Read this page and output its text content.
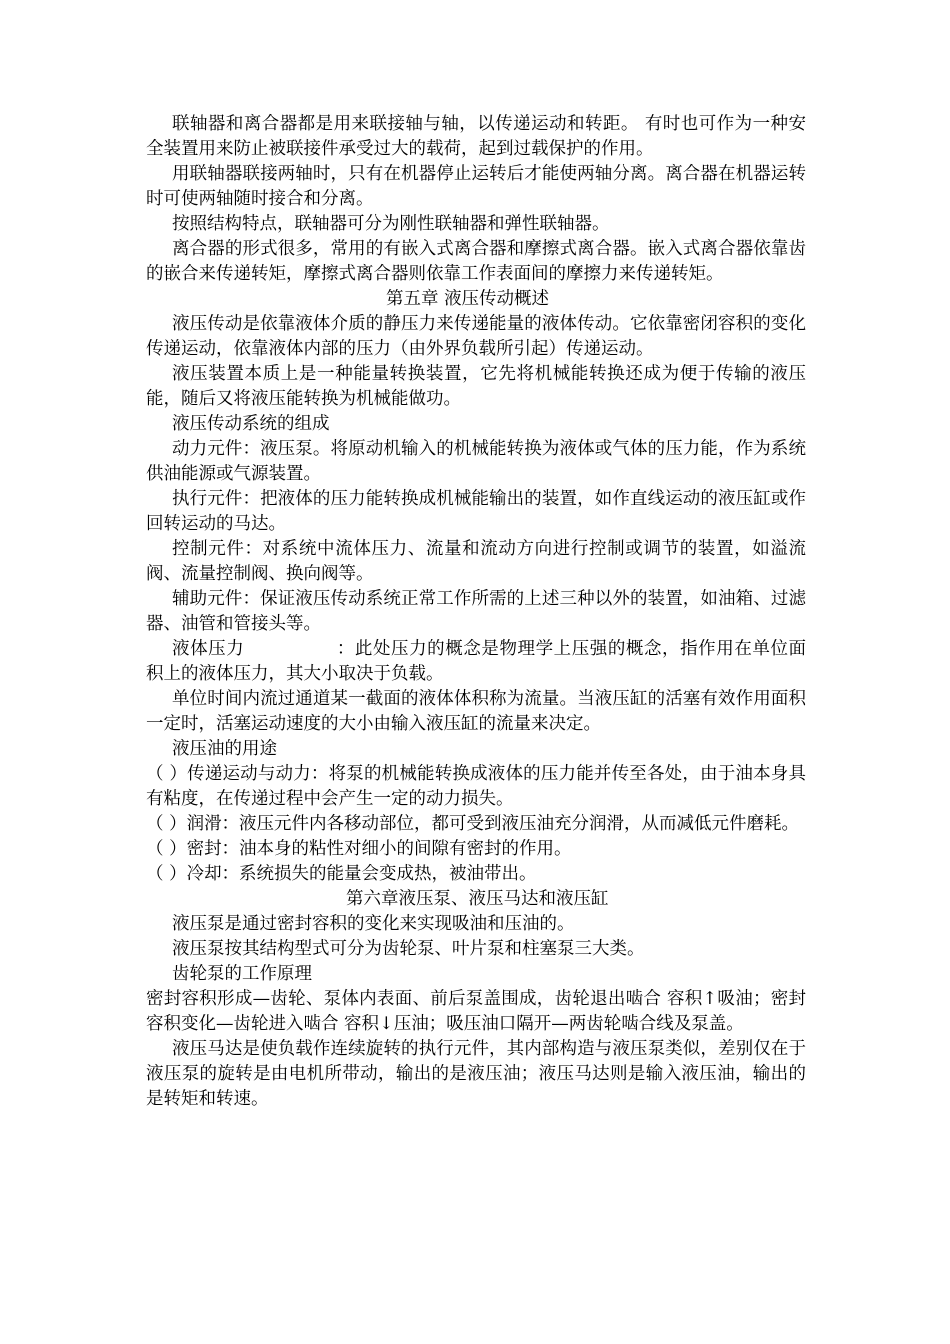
联轴器和离合器都是用来联接轴与轴，以传递运动和转距。 有时也可作为一种安全装置用来防止被联接件承受过大的载荷，起到过载保护的作用。

用联轴器联接两轴时，只有在机器停止运转后才能使两轴分离。离合器在机器运转时可使两轴随时接合和分离。

按照结构特点，联轴器可分为刚性联轴器和弹性联轴器。

离合器的形式很多，常用的有嵌入式离合器和摩擦式离合器。嵌入式离合器依靠齿的嵌合来传递转矩，摩擦式离合器则依靠工作表面间的摩擦力来传递转矩。

第五章 液压传动概述

液压传动是依靠液体介质的静压力来传递能量的液体传动。它依靠密闭容积的变化传递运动，依靠液体内部的压力（由外界负载所引起）传递运动。

液压装置本质上是一种能量转换装置，它先将机械能转换还成为便于传输的液压能，随后又将液压能转换为机械能做功。

液压传动系统的组成

动力元件：液压泵。将原动机输入的机械能转换为液体或气体的压力能，作为系统供油能源或气源装置。

执行元件：把液体的压力能转换成机械能输出的装置，如作直线运动的液压缸或作回转运动的马达。

控制元件：对系统中流体压力、流量和流动方向进行控制或调节的装置，如溢流阀、流量控制阀、换向阀等。

辅助元件：保证液压传动系统正常工作所需的上述三种以外的装置，如油箱、过滤器、油管和管接头等。

液体压力	：此处压力的概念是物理学上压强的概念，指作用在单位面积上的液体压力，其大小取决于负载。

单位时间内流过通道某一截面的液体体积称为流量。当液压缸的活塞有效作用面积一定时，活塞运动速度的大小由输入液压缸的流量来决定。

液压油的用途

（ ）传递运动与动力：将泵的机械能转换成液体的压力能并传至各处，由于油本身具有粘度，在传递过程中会产生一定的动力损失。

（ ）润滑：液压元件内各移动部位，都可受到液压油充分润滑，从而减低元件磨耗。

（ ）密封：油本身的粘性对细小的间隙有密封的作用。

（ ）冷却：系统损失的能量会变成热，被油带出。

第六章液压泵、液压马达和液压缸

液压泵是通过密封容积的变化来实现吸油和压油的。

液压泵按其结构型式可分为齿轮泵、叶片泵和柱塞泵三大类。

齿轮泵的工作原理

密封容积形成—齿轮、泵体内表面、前后泵盖围成，齿轮退出啮合 容积↑吸油；密封容积变化—齿轮进入啮合 容积↓压油；吸压油口隔开—两齿轮啮合线及泵盖。

液压马达是使负载作连续旋转的执行元件，其内部构造与液压泵类似，差别仅在于液压泵的旋转是由电机所带动，输出的是液压油；液压马达则是输入液压油，输出的是转矩和转速。
